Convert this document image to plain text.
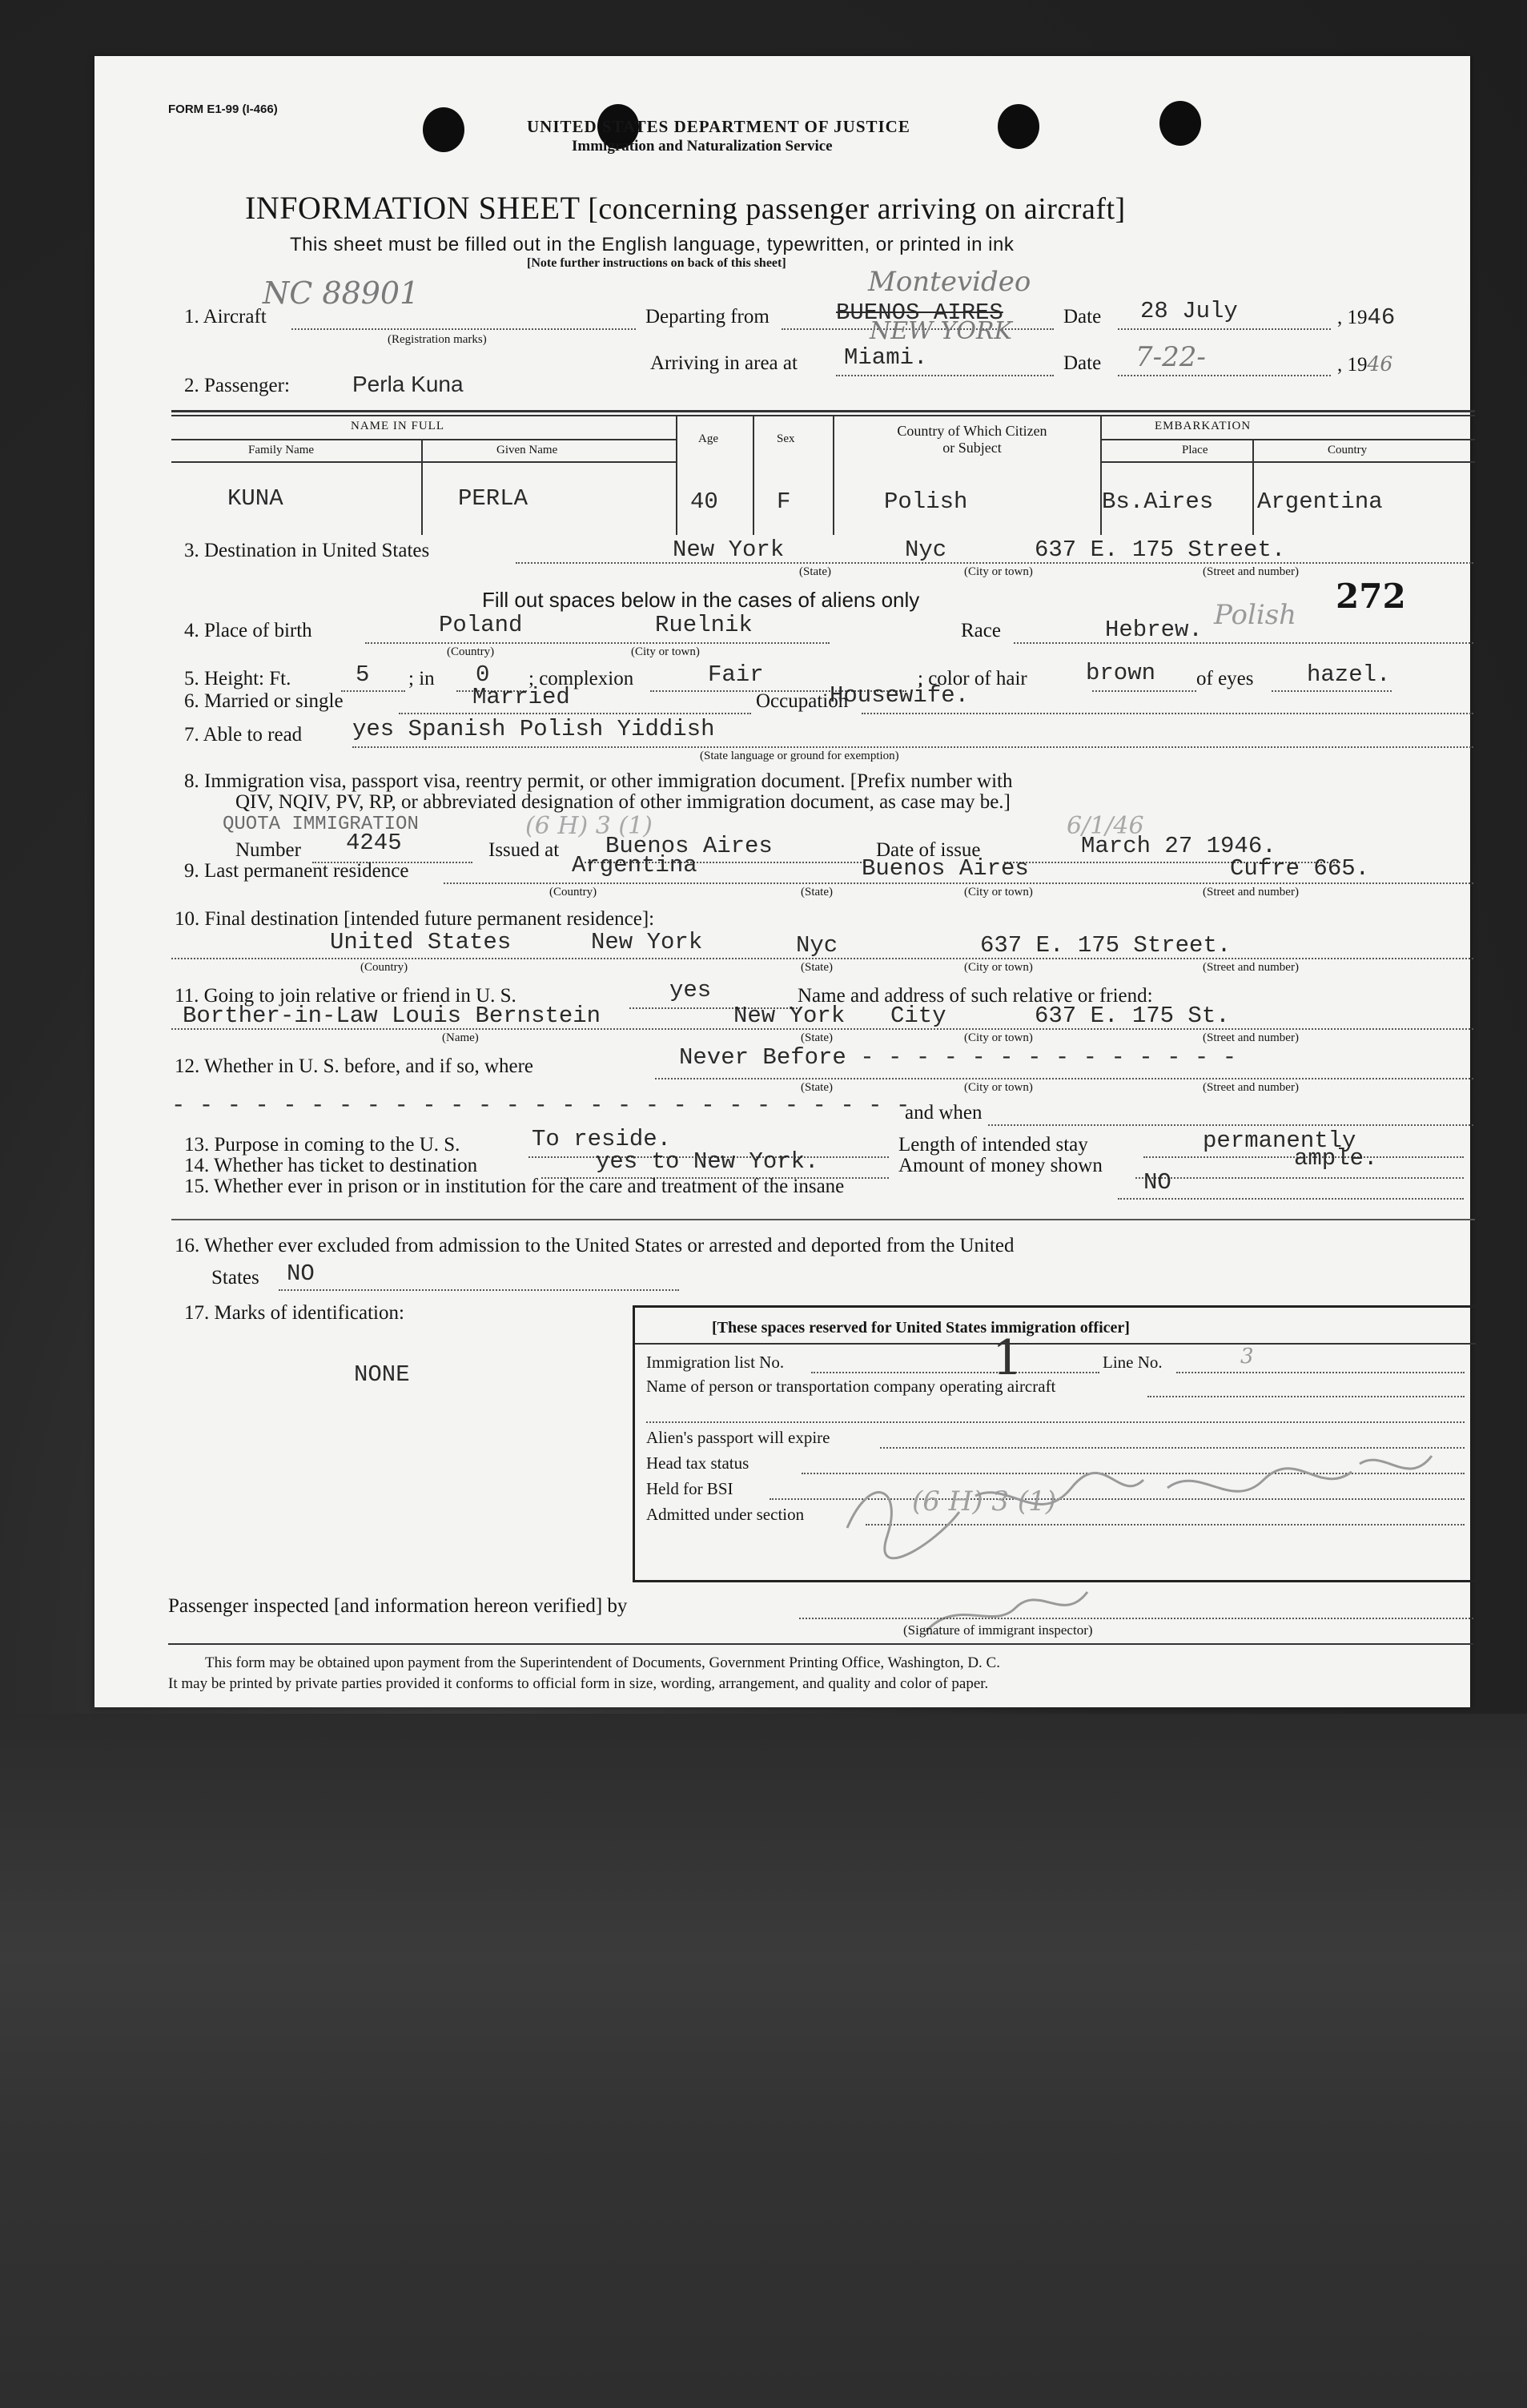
FORM E1-99 (I-466)
UNITED STATES DEPARTMENT OF JUSTICE
Immigration and Naturalization Service
INFORMATION SHEET [concerning passenger arriving on aircraft]
This sheet must be filled out in the English language, typewritten, or printed in ink
[Note further instructions on back of this sheet]
1. Aircraft
NC 88901
(Registration marks)
Departing from	BUENOS AIRES
Montevideo
Date 28 July	, 1946
Arriving in area at Miami.
NEW YORK
Date 7-22-	, 1946
2. Passenger:	Perla Kuna
NAME IN FULL
Family Name	Given Name
Age	Sex	Country of Which Citizen
or Subject
EMBARKATION
Place	Country
KUNA	PERLA	40	F	Polish	Bs.Aires Argentina
3. Destination in United States	New York	Nyc	637 E. 175 Street.
(State)	(City or town)	(Street and number)
Fill out spaces below in the cases of aliens only	272
4. Place of birth	Poland	Ruelnik
(Country)	(City or town)
Race	Hebrew. Polish
5. Height: Ft.	5 ; in 0 ; complexion	Fair	; color of hair	brown of eyes hazel.
6. Married or single	Married	Occupation
Housewife.
7. Able to read yes Spanish Polish Yiddish
(State language or ground for exemption)
8. Immigration visa, passport visa, reentry permit, or other immigration document. [Prefix number with
QIV, NQIV, PV, RP, or abbreviated designation of other immigration document, as case may be.]
QUOTA IMMIGRATION	(6 H) 3 (1)	6/1/46
Number 4245	Issued at Buenos Aires	Date of issue	March 27 1946.
9. Last permanent residence	Argentina	Buenos Aires	Cufre 665.
(Country)	(State)	(City or town)	(Street and number)
10. Final destination [intended future permanent residence]:
United States	New York	Nyc	637 E. 175 Street.
(Country)	(State)	(City or town)	(Street and number)
11. Going to join relative or friend in U. S.	yes	Name and address of such relative or friend:
Borther-in-Law Louis Bernstein	New York City	637 E. 175 St.
(Name)	(State)	(City or town)	(Street and number)
12. Whether in U. S. before, and if so, where	Never Before - - - - - - - - - - - - - -
(State)	(City or town)	(Street and number)
- - - - - - - - - - - - - - - - - - - - - - - - - - -
and when
13. Purpose in coming to the U. S.	To reside.	Length of intended stay	permanently
14. Whether has ticket to destination	yes to New York.	Amount of money shown	ample.
15. Whether ever in prison or in institution for the care and treatment of the insane	NO
16. Whether ever excluded from admission to the United States or arrested and deported from the United
States NO
17. Marks of identification:
NONE
[These spaces reserved for United States immigration officer]
Immigration list No.	1	Line No.	3
Name of person or transportation company operating aircraft
Alien's passport will expire
Head tax status
Held for BSI
Admitted under section	(6 H) 3 (1)
Passenger inspected [and information hereon verified] by
(Signature of immigrant inspector)
This form may be obtained upon payment from the Superintendent of Documents, Government Printing Office, Washington, D. C.
It may be printed by private parties provided it conforms to official form in size, wording, arrangement, and quality and color of paper.
